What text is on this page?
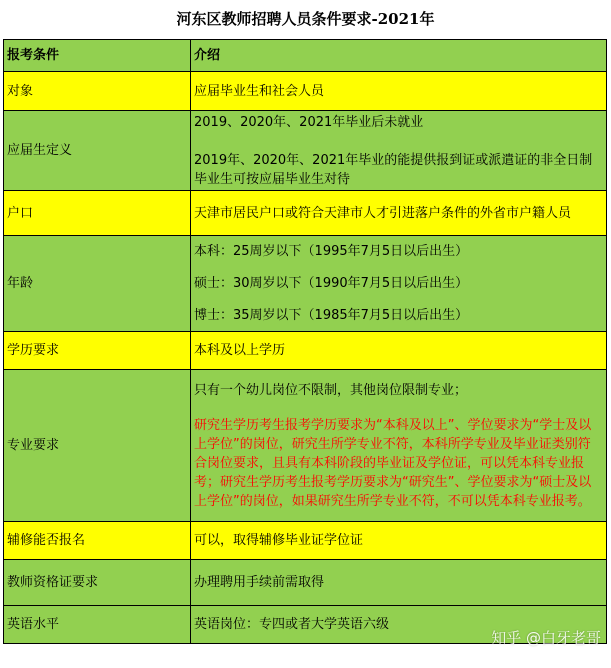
河东区教师招聘人员条件要求-2021年
报考条件	介绍
对象	应届毕业生和社会人员
应届生定义	2019、2020年、2021年毕业后未就业
2019年、2020年、2021年毕业的能提供报到证或派遣证的非全日制毕业生可按应届毕业生对待

户口	天津市居民户口或符合天津市人才引进落户条件的外省市户籍人员
年龄	本科：25周岁以下（1995年7月5日以后出生）
硕士：30周岁以下（1990年7月5日以后出生）
博士：35周岁以下（1985年7月5日以后出生）

学历要求	本科及以上学历
专业要求	只有一个幼儿岗位不限制，其他岗位限制专业；
研究生学历考生报考学历要求为“本科及以上”、学位要求为“学士及以上学位”的岗位，研究生所学专业不符，本科所学专业及毕业证类别符合岗位要求，且具有本科阶段的毕业证及学位证，可以凭本科专业报考；研究生学历考生报考学历要求为“研究生”、学位要求为“硕士及以上学位”的岗位，如果研究生所学专业不符，不可以凭本科专业报考。

辅修能否报名	可以，取得辅修毕业证学位证
教师资格证要求	办理聘用手续前需取得
英语水平	英语岗位：专四或者大学英语六级
知乎 @白牙老哥
